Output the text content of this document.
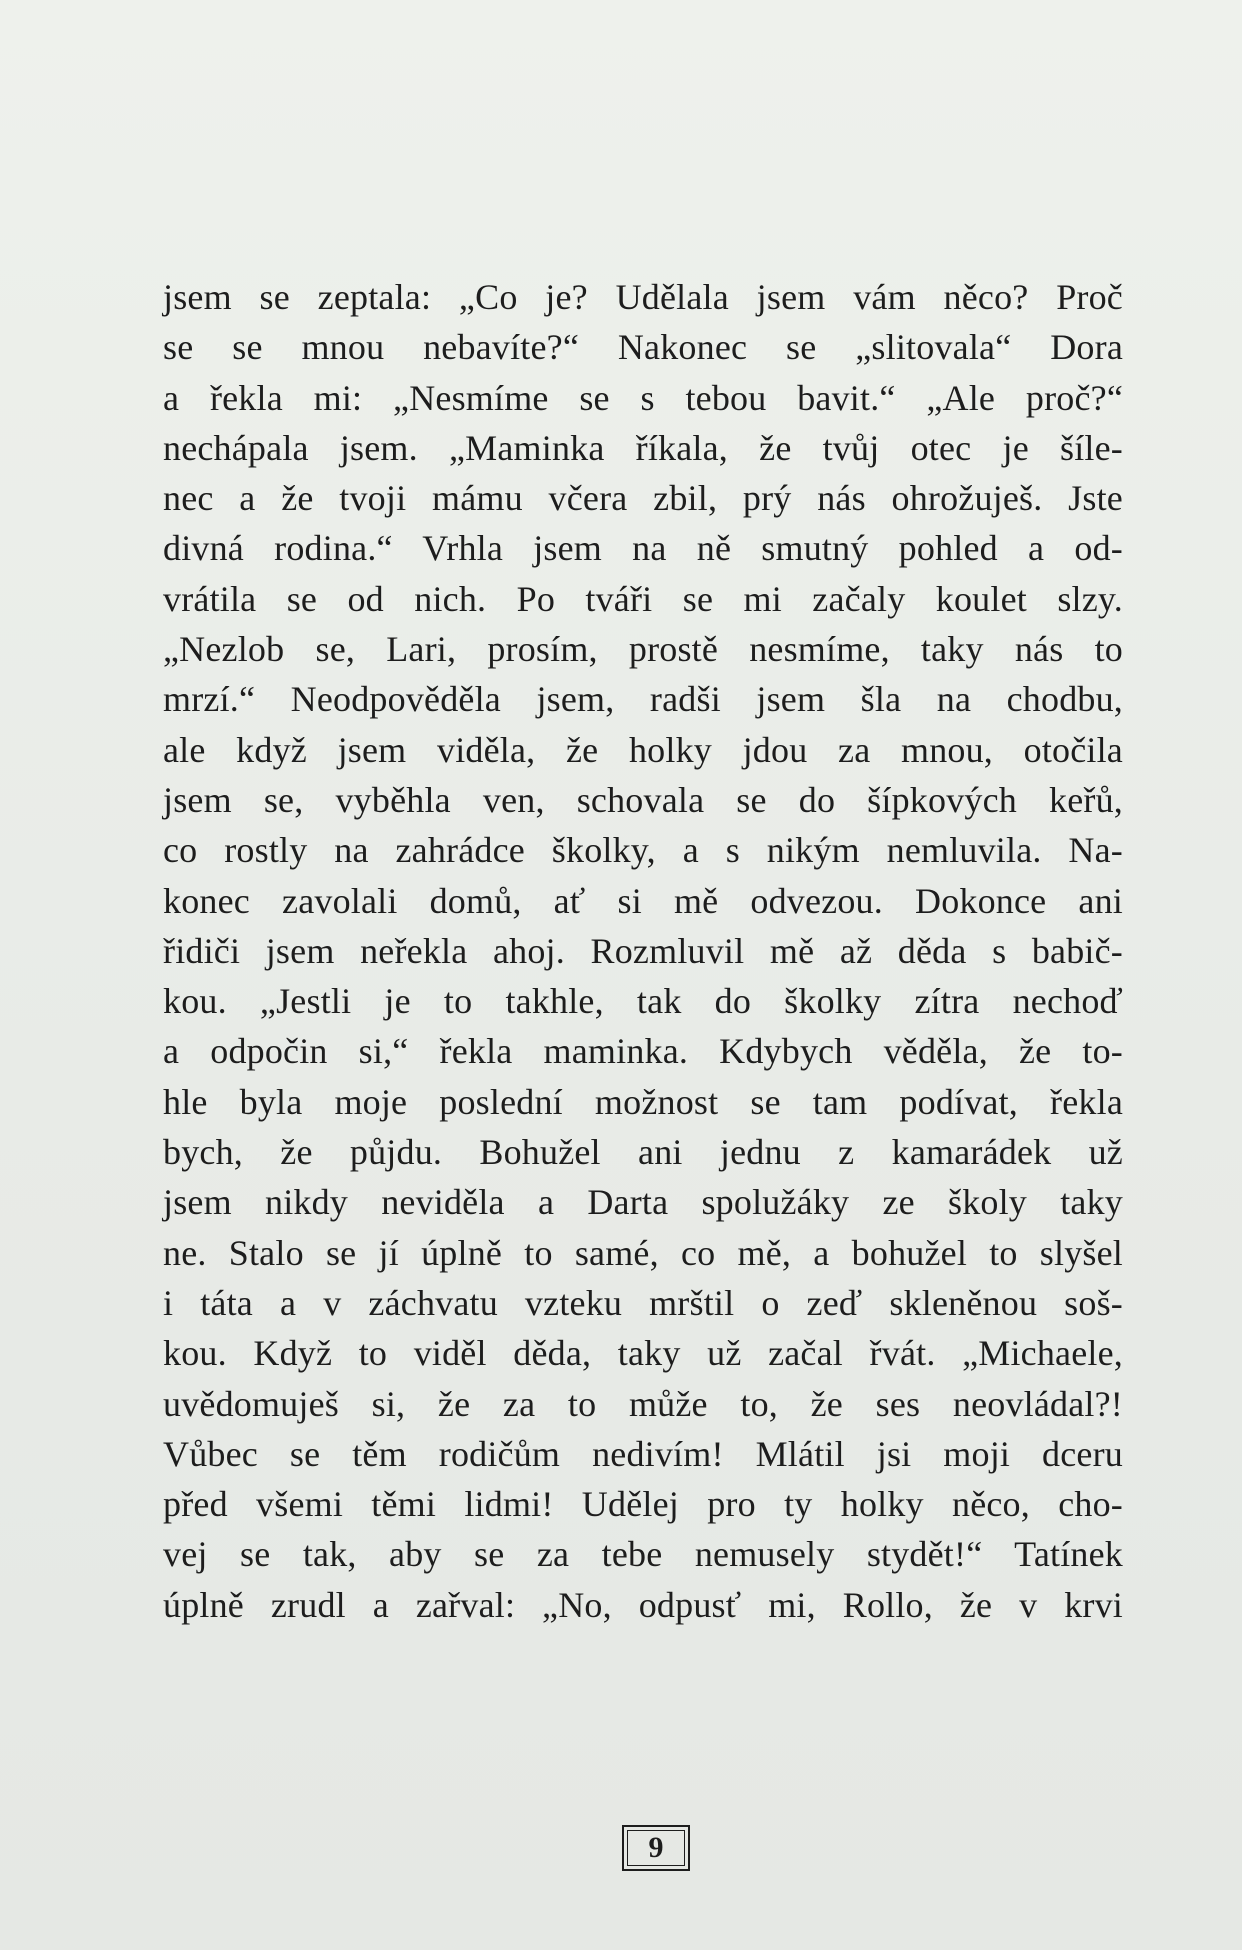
jsem se zeptala: „Co je? Udělala jsem vám něco? Proč
se se mnou nebavíte?“ Nakonec se „slitovala“ Dora
a řekla mi: „Nesmíme se s tebou bavit.“ „Ale proč?“
nechápala jsem. „Maminka říkala, že tvůj otec je šíle-
nec a že tvoji mámu včera zbil, prý nás ohrožuješ. Jste
divná rodina.“ Vrhla jsem na ně smutný pohled a od-
vrátila se od nich. Po tváři se mi začaly koulet slzy.
„Nezlob se, Lari, prosím, prostě nesmíme, taky nás to
mrzí.“ Neodpověděla jsem, radši jsem šla na chodbu,
ale když jsem viděla, že holky jdou za mnou, otočila
jsem se, vyběhla ven, schovala se do šípkových keřů,
co rostly na zahrádce školky, a s nikým nemluvila. Na-
konec zavolali domů, ať si mě odvezou. Dokonce ani
řidiči jsem neřekla ahoj. Rozmluvil mě až děda s babič-
kou. „Jestli je to takhle, tak do školky zítra nechoď
a odpočin si,“ řekla maminka. Kdybych věděla, že to-
hle byla moje poslední možnost se tam podívat, řekla
bych, že půjdu. Bohužel ani jednu z kamarádek už
jsem nikdy neviděla a Darta spolužáky ze školy taky
ne. Stalo se jí úplně to samé, co mě, a bohužel to slyšel
i táta a v záchvatu vzteku mrštil o zeď skleněnou soš-
kou. Když to viděl děda, taky už začal řvát. „Michaele,
uvědomuješ si, že za to může to, že ses neovládal?!
Vůbec se těm rodičům nedivím! Mlátil jsi moji dceru
před všemi těmi lidmi! Udělej pro ty holky něco, cho-
vej se tak, aby se za tebe nemusely stydět!“ Tatínek
úplně zrudl a zařval: „No, odpusť mi, Rollo, že v krvi
9
